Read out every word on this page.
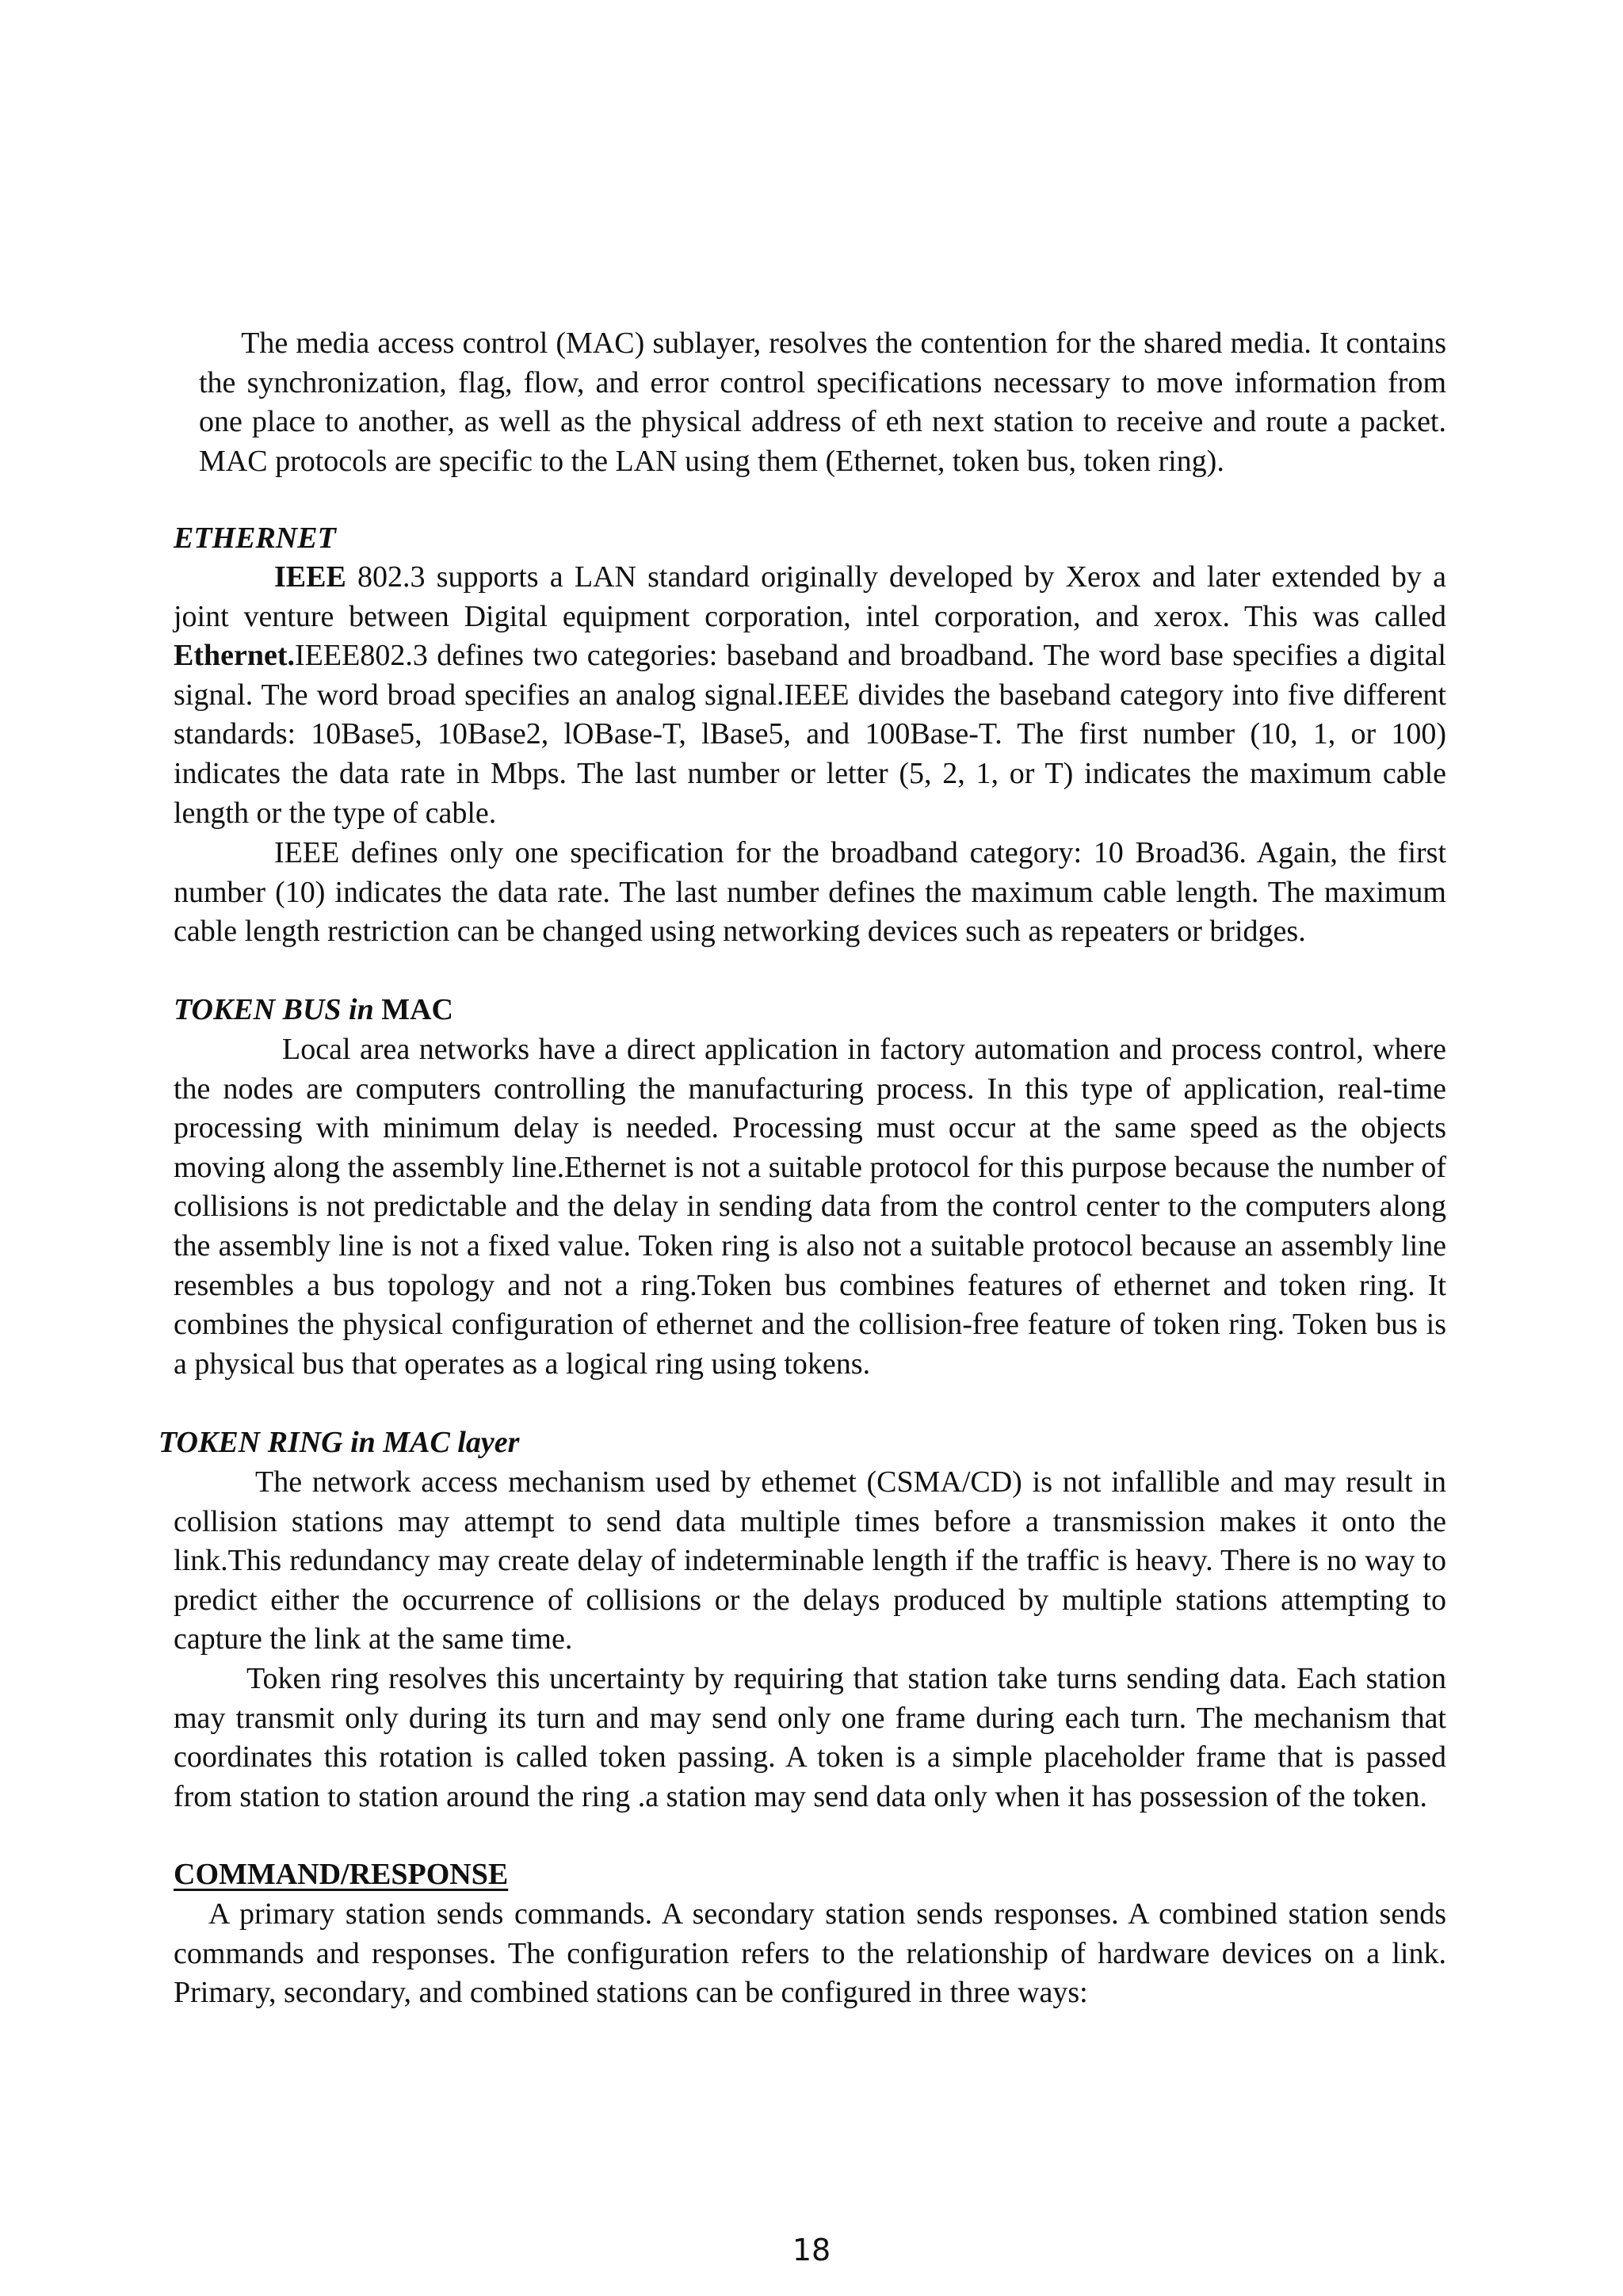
The media access control (MAC) sublayer, resolves the contention for the shared media. It contains the synchronization, flag, flow, and error control specifications necessary to move information from one place to another, as well as the physical address of eth next station to receive and route a packet. MAC protocols are specific to the LAN using them (Ethernet, token bus, token ring).

ETHERNET

IEEE 802.3 supports a LAN standard originally developed by Xerox and later extended by a joint venture between Digital equipment corporation, intel corporation, and xerox. This was called Ethernet.IEEE802.3 defines two categories: baseband and broadband. The word base specifies a digital signal. The word broad specifies an analog signal.IEEE divides the baseband category into five different standards: 10Base5, 10Base2, lOBase-T, lBase5, and 100Base-T. The first number (10, 1, or 100) indicates the data rate in Mbps. The last number or letter (5, 2, 1, or T) indicates the maximum cable length or the type of cable.

IEEE defines only one specification for the broadband category: 10 Broad36. Again, the first number (10) indicates the data rate. The last number defines the maximum cable length. The maximum cable length restriction can be changed using networking devices such as repeaters or bridges.

TOKEN BUS in MAC

Local area networks have a direct application in factory automation and process control, where the nodes are computers controlling the manufacturing process. In this type of application, real-time processing with minimum delay is needed. Processing must occur at the same speed as the objects moving along the assembly line.Ethernet is not a suitable protocol for this purpose because the number of collisions is not predictable and the delay in sending data from the control center to the computers along the assembly line is not a fixed value. Token ring is also not a suitable protocol because an assembly line resembles a bus topology and not a ring.Token bus combines features of ethernet and token ring. It combines the physical configuration of ethernet and the collision-free feature of token ring. Token bus is a physical bus that operates as a logical ring using tokens.

TOKEN RING in MAC layer

The network access mechanism used by ethemet (CSMA/CD) is not infallible and may result in collision stations may attempt to send data multiple times before a transmission makes it onto the link.This redundancy may create delay of indeterminable length if the traffic is heavy. There is no way to predict either the occurrence of collisions or the delays produced by multiple stations attempting to capture the link at the same time.

Token ring resolves this uncertainty by requiring that station take turns sending data. Each station may transmit only during its turn and may send only one frame during each turn. The mechanism that coordinates this rotation is called token passing. A token is a simple placeholder frame that is passed from station to station around the ring .a station may send data only when it has possession of the token.

COMMAND/RESPONSE

A primary station sends commands. A secondary station sends responses. A combined station sends commands and responses. The configuration refers to the relationship of hardware devices on a link. Primary, secondary, and combined stations can be configured in three ways:

18
